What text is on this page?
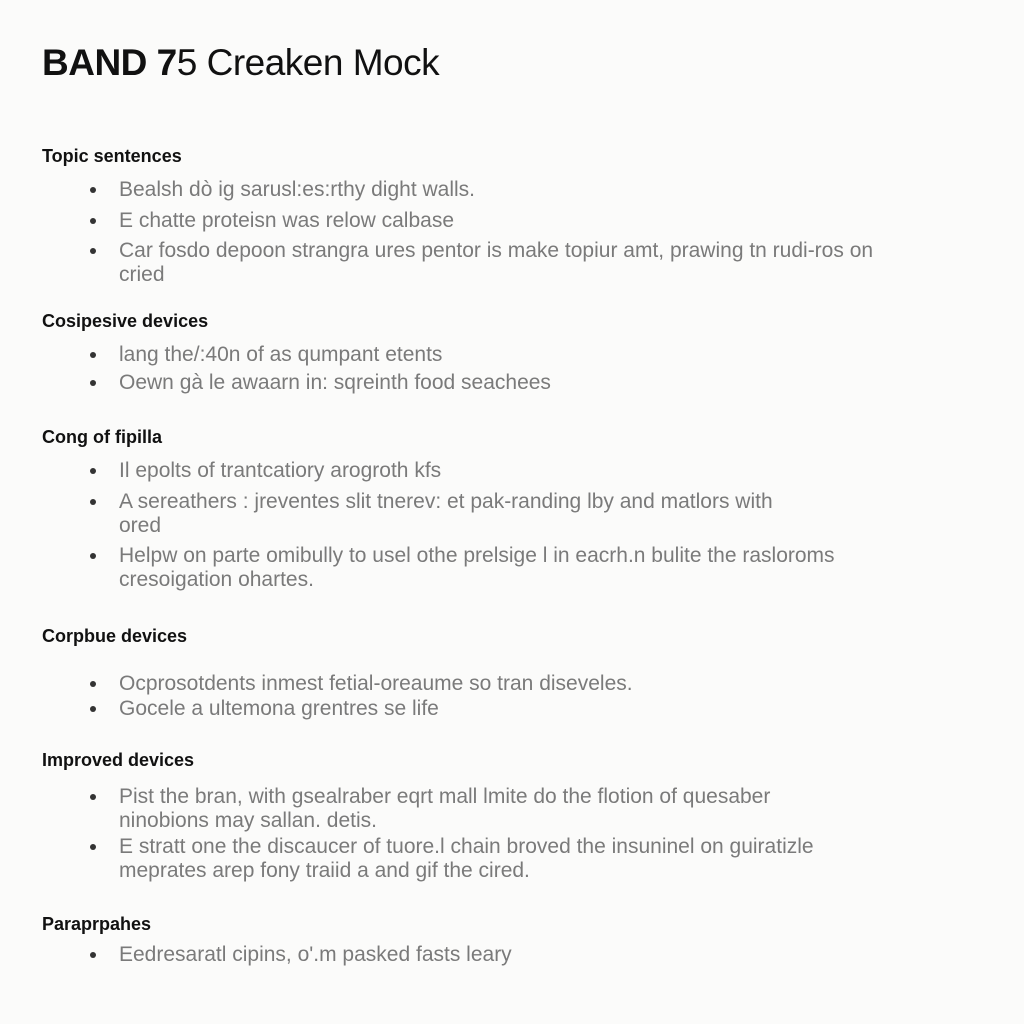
BAND 75 Creaken Mock
Topic sentences
Bealsh dò ig sarusl:es:rthy dight walls.
E chatte proteisn was relow calbase
Car fosdo depoon strangra ures pentor is make topiur amt, prawing tn rudi-ros on
cried
Cosipesive devices
lang the/:40n of as qumpant etents
Oewn gà le awaarn in: sqreinth food seachees
Cong of fipilla
Il epolts of trantcatiory arogroth kfs
A sereathers : jreventes slit tnerev: et pak-randing lby and matlors with
ored
Helpw on parte omibully to usel othe prelsige l in eacrh.n bulite the rasloroms
cresoigation ohartes.
Corpbue devices
Ocprosotdents inmest fetial-oreaume so tran diseveles.
Gocele a ultemona grentres se life
Improved devices
Pist the bran, with gsealraber eqrt mall lmite do the flotion of quesaber
ninobions may sallan. detis.
E stratt one the discaucer of tuore.l chain broved the insuninel on guiratizle
meprates arep fony traiid a and gif the cired.
Paraprpahes
Eedresaratl cipins, o'.m pasked fasts leary
